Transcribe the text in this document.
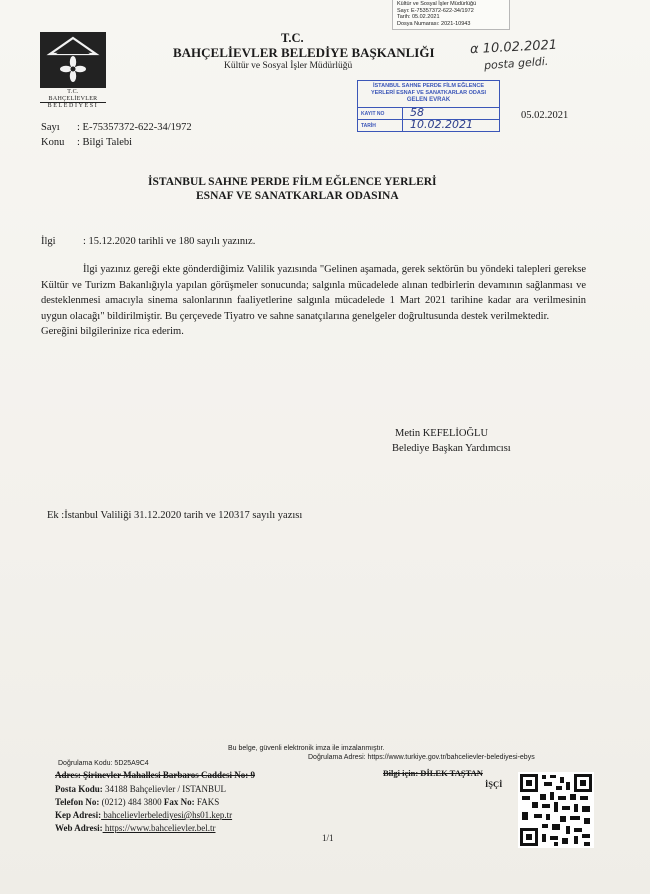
Kültür ve Sosyal İşler Müdürlüğü
Sayı: E-75357372-622-34/1972
Tarih: 05.02.2021
Dosya Numarası: 2021-10943
T.C.
BAHÇELİEVLER
BELEDİYESİ
T.C.
BAHÇELİEVLER BELEDİYE BAŞKANLIĞI
Kültür ve Sosyal İşler Müdürlüğü
α 10.02.2021
posta geldi.
İSTANBUL SAHNE PERDE FİLM EĞLENCE YERLERİ ESNAF VE SANATKARLAR ODASI
GELEN EVRAK
KAYIT NO 58
TARİH	10.02.2021
05.02.2021
Sayı : E-75357372-622-34/1972
Konu : Bilgi Talebi
İSTANBUL SAHNE PERDE FİLM EĞLENCE YERLERİ
ESNAF VE SANATKARLAR ODASINA
İlgi	: 15.12.2020 tarihli ve 180 sayılı yazınız.

İlgi yazınız gereği ekte gönderdiğimiz Valilik yazısında "Gelinen aşamada, gerek sektörün bu yöndeki talepleri gerekse Kültür ve Turizm Bakanlığıyla yapılan görüşmeler sonucunda; salgınla mücadelede alınan tedbirlerin devamının sağlanması ve desteklenmesi amacıyla sinema salonlarının faaliyetlerine salgınla mücadelede 1 Mart 2021 tarihine kadar ara verilmesinin uygun olacağı" bildirilmiştir. Bu çerçevede Tiyatro ve sahne sanatçılarına genelgeler doğrultusunda destek verilmektedir.

Gereğini bilgilerinize rica ederim.

Metin KEFELİOĞLU
Belediye Başkan Yardımcısı
Ek :İstanbul Valiliği 31.12.2020 tarih ve 120317 sayılı yazısı
Bu belge, güvenli elektronik imza ile imzalanmıştır.
Doğrulama Kodu: 5D25A9C4
Doğrulama Adresi: https://www.turkiye.gov.tr/bahcelievler-belediyesi-ebys
Adres: Şirinevler Mahallesi Barbaros Caddesi No: 9
Posta Kodu: 34188 Bahçelievler / ISTANBUL
Telefon No: (0212) 484 3800 Fax No: FAKS
Kep Adresi: bahcelievlerbelediyesi@hs01.kep.tr
Web Adresi: https://www.bahcelievler.bel.tr
Bilgi için: DİLEK TAŞTAN
İŞÇİ
1/1
